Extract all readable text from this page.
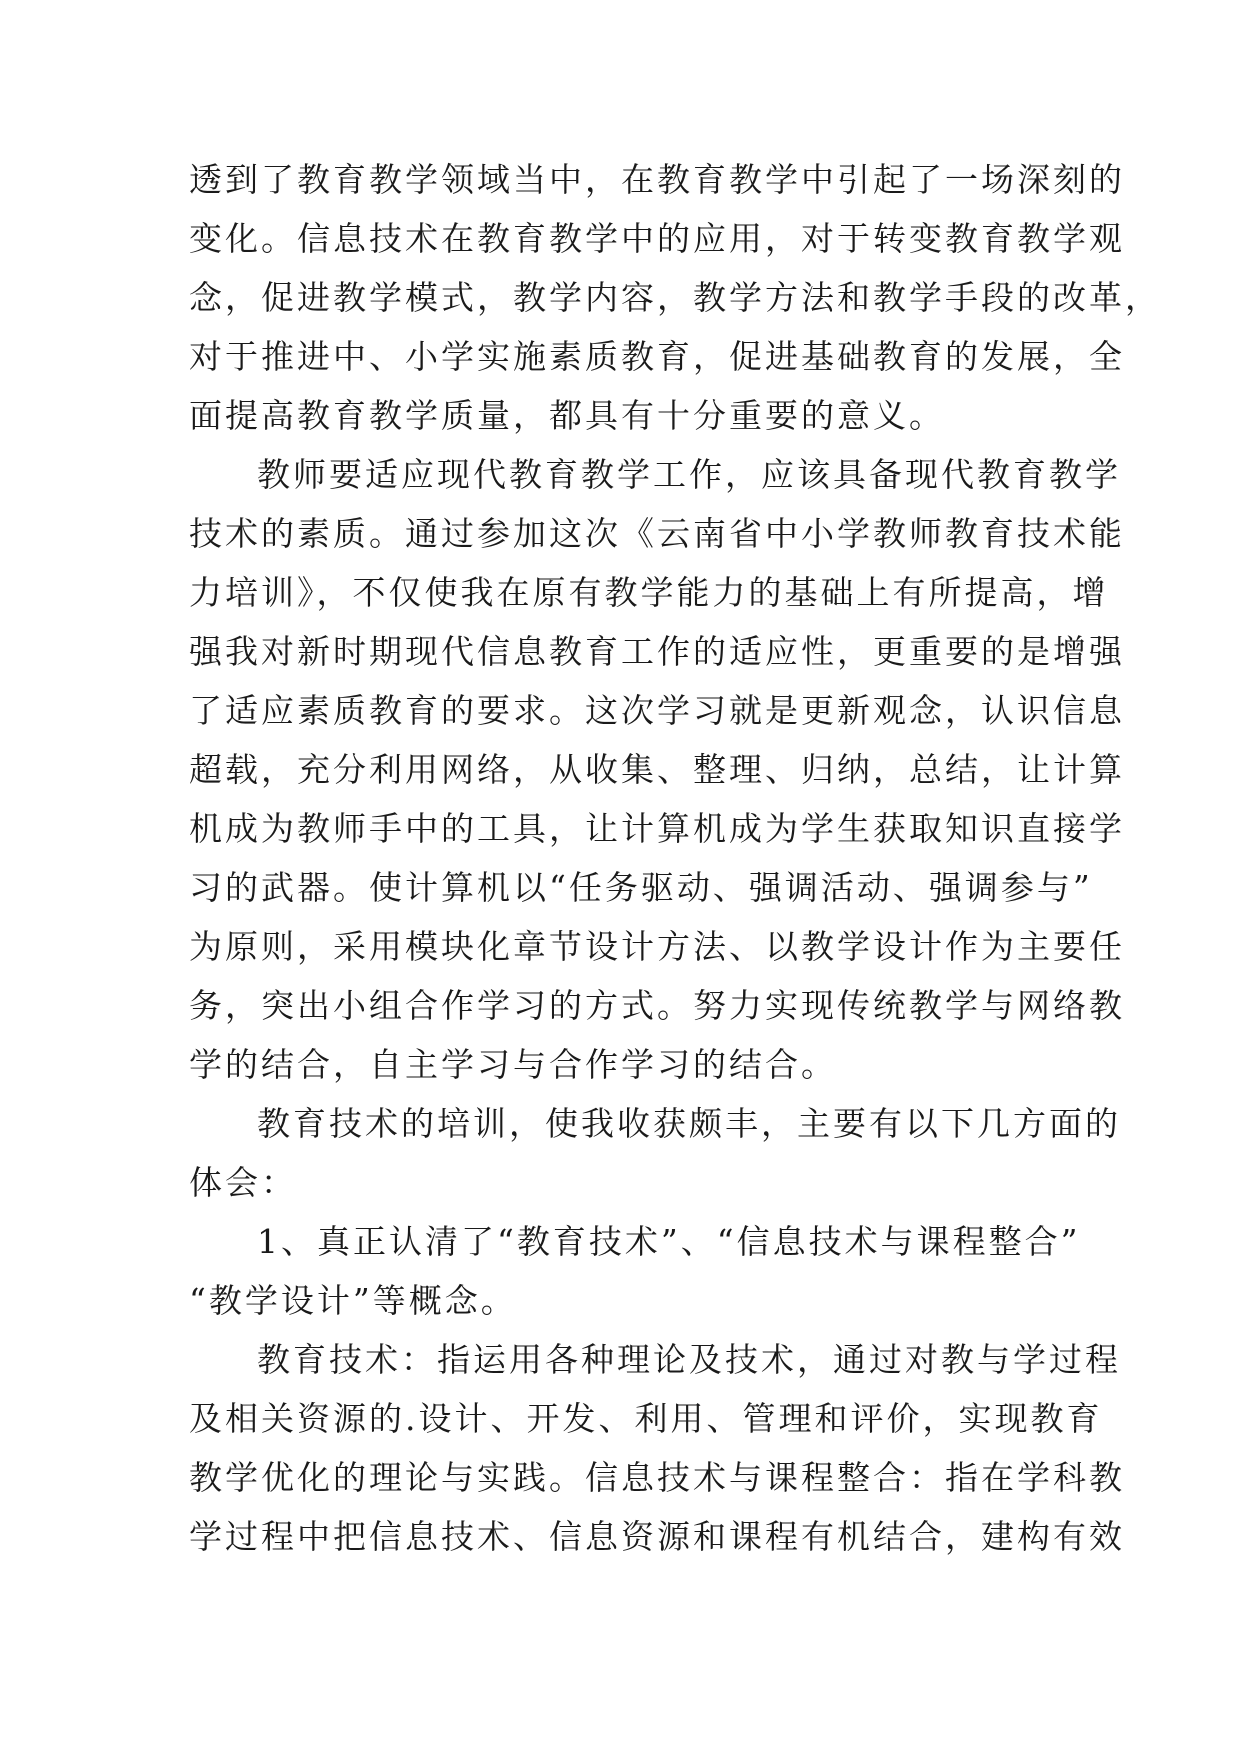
透到了教育教学领域当中，在教育教学中引起了一场深刻的
变化。信息技术在教育教学中的应用，对于转变教育教学观
念，促进教学模式，教学内容，教学方法和教学手段的改革，
对于推进中、小学实施素质教育，促进基础教育的发展，全
面提高教育教学质量，都具有十分重要的意义。
教师要适应现代教育教学工作，应该具备现代教育教学
技术的素质。通过参加这次《云南省中小学教师教育技术能
力培训》，不仅使我在原有教学能力的基础上有所提高，增
强我对新时期现代信息教育工作的适应性，更重要的是增强
了适应素质教育的要求。这次学习就是更新观念，认识信息
超载，充分利用网络，从收集、整理、归纳，总结，让计算
机成为教师手中的工具，让计算机成为学生获取知识直接学
习的武器。使计算机以“任务驱动、强调活动、强调参与”
为原则，采用模块化章节设计方法、以教学设计作为主要任
务，突出小组合作学习的方式。努力实现传统教学与网络教
学的结合，自主学习与合作学习的结合。
教育技术的培训，使我收获颇丰，主要有以下几方面的
体会：
1、真正认清了“教育技术”、“信息技术与课程整合”
“教学设计”等概念。
教育技术：指运用各种理论及技术，通过对教与学过程
及相关资源的.设计、开发、利用、管理和评价，实现教育
教学优化的理论与实践。信息技术与课程整合：指在学科教
学过程中把信息技术、信息资源和课程有机结合，建构有效
